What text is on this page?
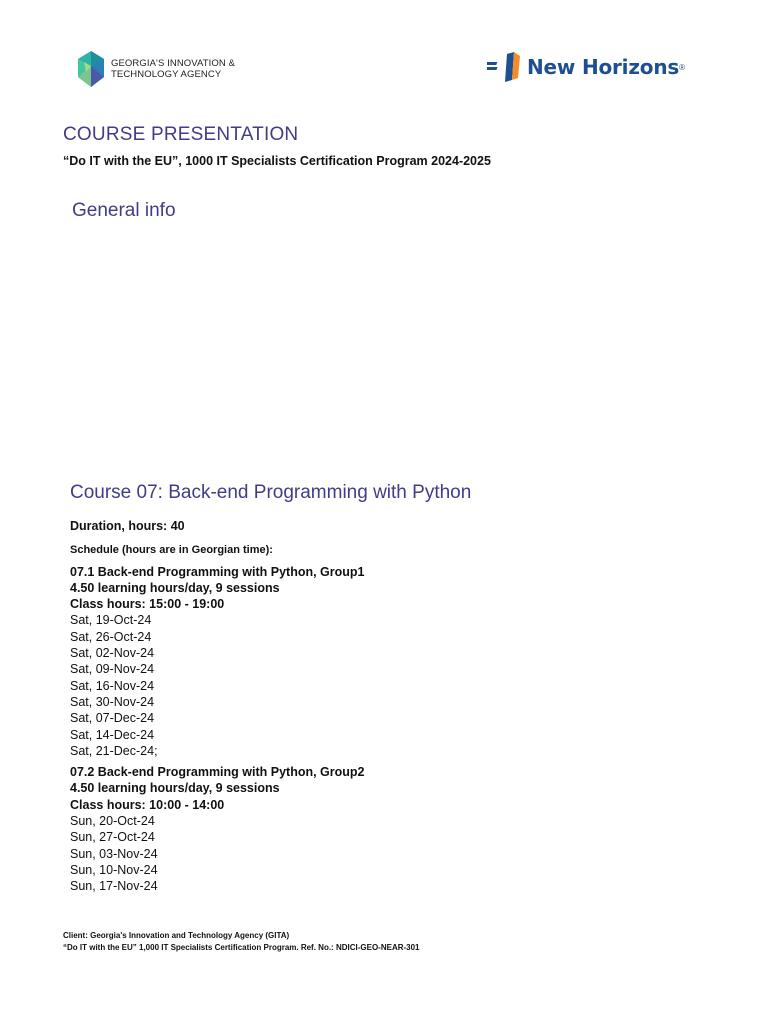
GEORGIA'S INNOVATION &
TECHNOLOGY AGENCY	New Horizons ®
COURSE PRESENTATION
“Do IT with the EU”, 1000 IT Specialists Certification Program 2024-2025
General info
Course 07: Back-end Programming with Python
Duration, hours: 40
Schedule (hours are in Georgian time):
07.1 Back-end Programming with Python, Group1
4.50 learning hours/day, 9 sessions
Class hours: 15:00 - 19:00
Sat, 19-Oct-24
Sat, 26-Oct-24
Sat, 02-Nov-24
Sat, 09-Nov-24
Sat, 16-Nov-24
Sat, 30-Nov-24
Sat, 07-Dec-24
Sat, 14-Dec-24
Sat, 21-Dec-24;
07.2 Back-end Programming with Python, Group2
4.50 learning hours/day, 9 sessions
Class hours: 10:00 - 14:00
Sun, 20-Oct-24
Sun, 27-Oct-24
Sun, 03-Nov-24
Sun, 10-Nov-24
Sun, 17-Nov-24
Client: Georgia's Innovation and Technology Agency (GITA)
“Do IT with the EU” 1,000 IT Specialists Certification Program. Ref. No.: NDICI-GEO-NEAR-301
